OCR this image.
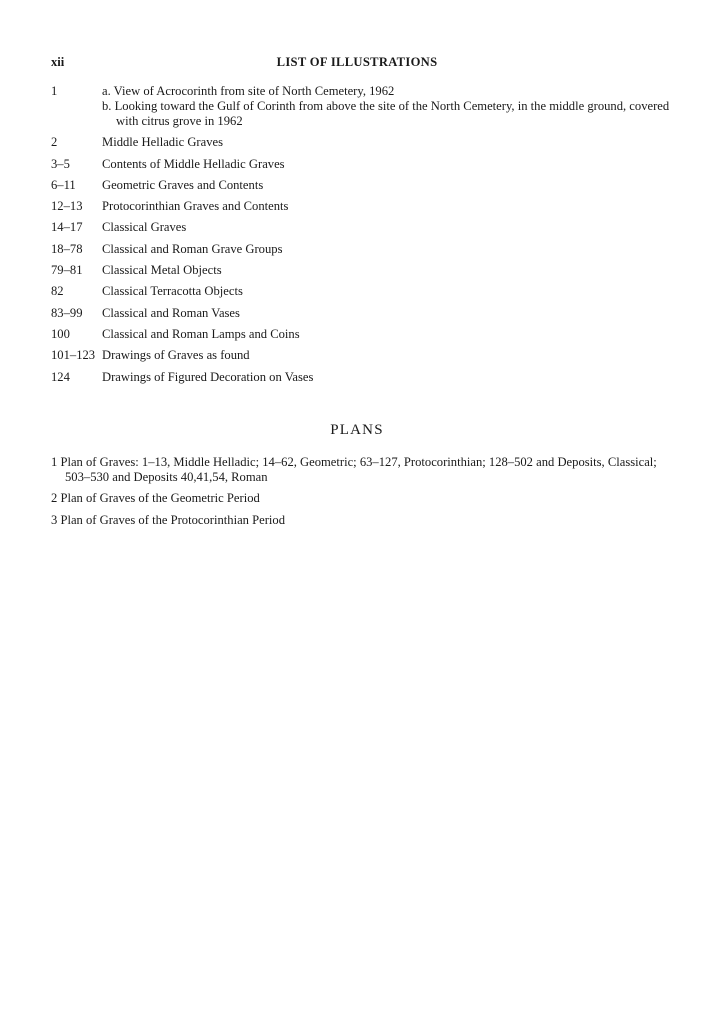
xii	LIST OF ILLUSTRATIONS
1	a. View of Acrocorinth from site of North Cemetery, 1962
b. Looking toward the Gulf of Corinth from above the site of the North Cemetery, in the middle ground, covered with citrus grove in 1962
2	Middle Helladic Graves
3–5	Contents of Middle Helladic Graves
6–11	Geometric Graves and Contents
12–13	Protocorinthian Graves and Contents
14–17	Classical Graves
18–78	Classical and Roman Grave Groups
79–81	Classical Metal Objects
82	Classical Terracotta Objects
83–99	Classical and Roman Vases
100	Classical and Roman Lamps and Coins
101–123 Drawings of Graves as found
124	Drawings of Figured Decoration on Vases
PLANS
1 Plan of Graves: 1–13, Middle Helladic; 14–62, Geometric; 63–127, Protocorinthian; 128–502 and Deposits, Classical; 503–530 and Deposits 40,41,54, Roman
2 Plan of Graves of the Geometric Period
3 Plan of Graves of the Protocorinthian Period
